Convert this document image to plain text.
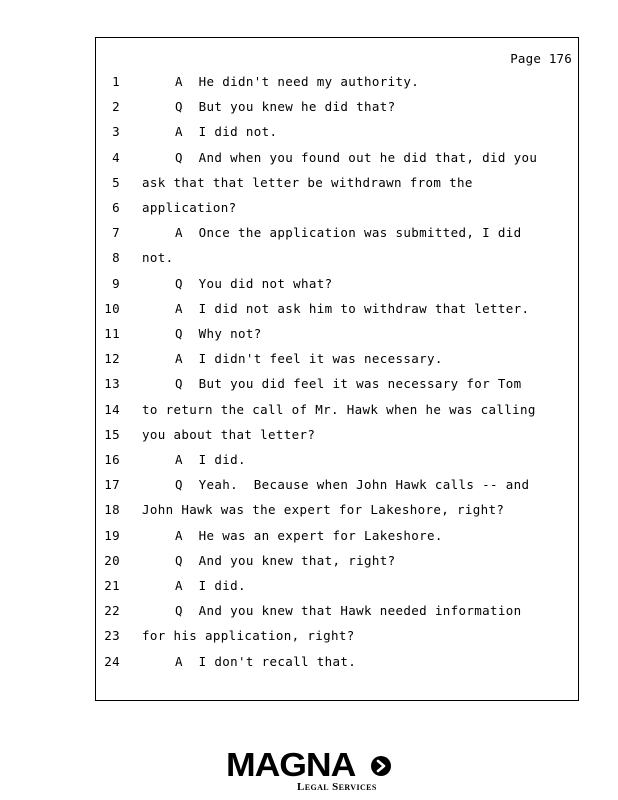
Page 176
1	A  He didn't need my authority.
2	Q  But you knew he did that?
3	A  I did not.
4	Q  And when you found out he did that, did you
5 ask that that letter be withdrawn from the
6 application?
7	A  Once the application was submitted, I did
8 not.
9	Q  You did not what?
10	A  I did not ask him to withdraw that letter.
11	Q  Why not?
12	A  I didn't feel it was necessary.
13	Q  But you did feel it was necessary for Tom
14 to return the call of Mr. Hawk when he was calling
15 you about that letter?
16	A  I did.
17	Q  Yeah.  Because when John Hawk calls -- and
18 John Hawk was the expert for Lakeshore, right?
19	A  He was an expert for Lakeshore.
20	Q  And you knew that, right?
21	A  I did.
22	Q  And you knew that Hawk needed information
23 for his application, right?
24	A  I don't recall that.
MAGNA
Legal Services
